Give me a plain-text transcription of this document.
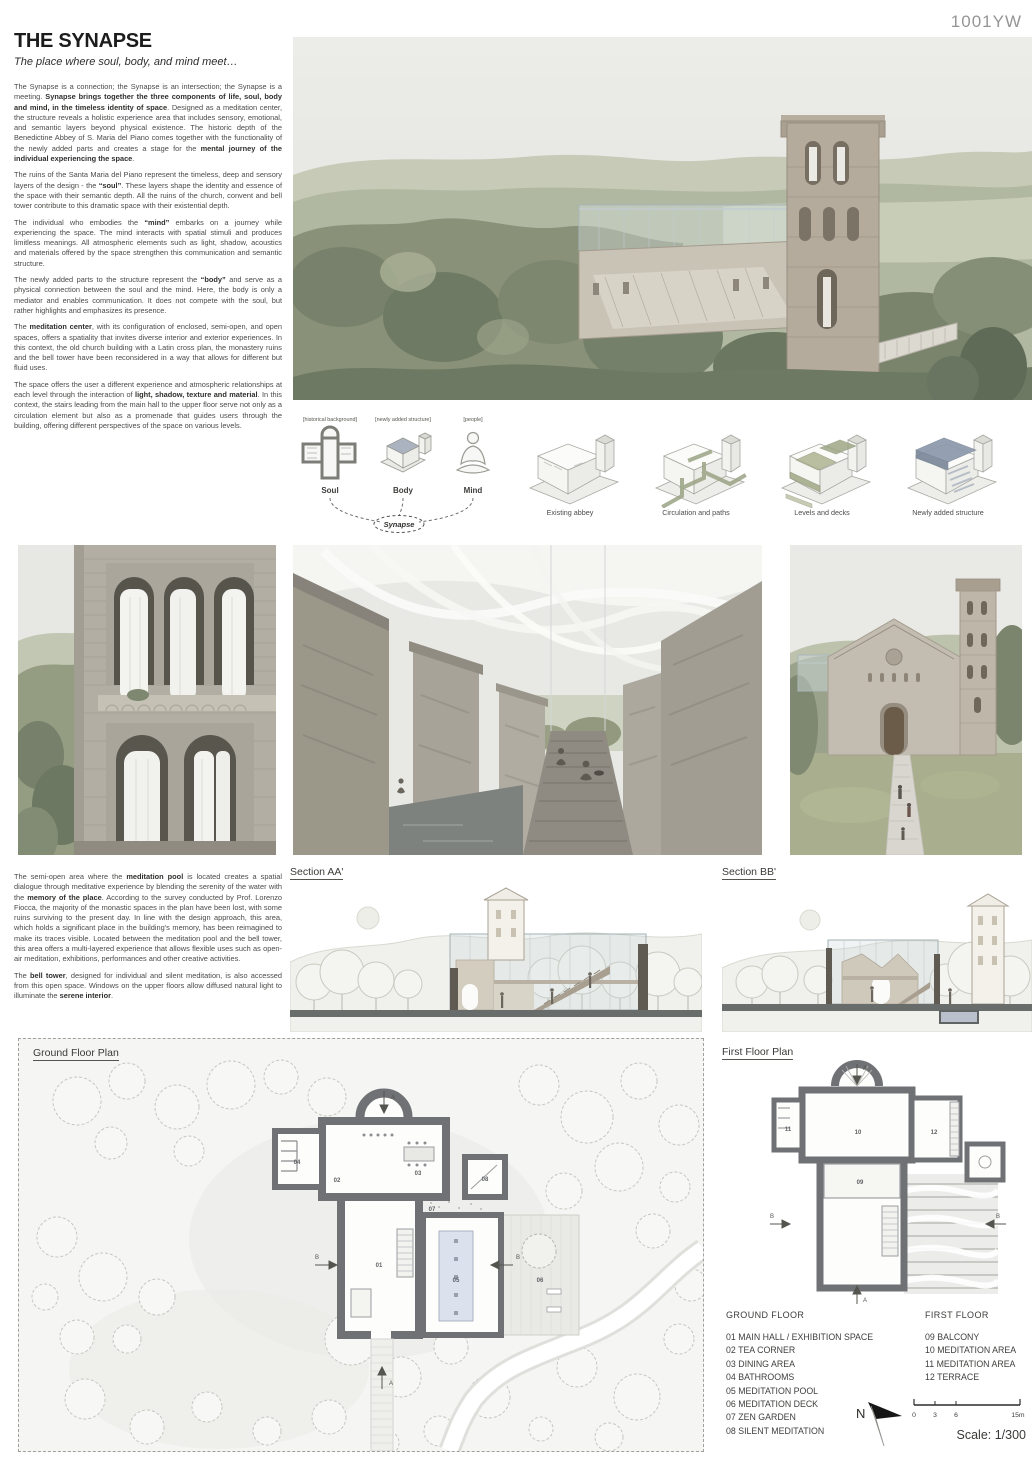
1001YW
THE SYNAPSE
The place where soul, body, and mind meet…

The Synapse is a connection; the Synapse is an intersection; the Synapse is a meeting. Synapse brings together the three components of life, soul, body and mind, in the timeless identity of space. Designed as a meditation center, the structure reveals a holistic experience area that includes sensory, emotional, and semantic layers beyond physical existence. The historic depth of the Benedictine Abbey of S. Maria del Piano comes together with the functionality of the newly added parts and creates a stage for the mental journey of the individual experiencing the space.

The ruins of the Santa Maria del Piano represent the timeless, deep and sensory layers of the design - the “soul”. These layers shape the identity and essence of the space with their semantic depth. All the ruins of the church, convent and bell tower contribute to this dramatic space with their existential depth.

The individual who embodies the “mind” embarks on a journey while experiencing the space. The mind interacts with spatial stimuli and produces limitless meanings. All atmospheric elements such as light, shadow, acoustics and materials offered by the space strengthen this communication and semantic structure.

The newly added parts to the structure represent the “body” and serve as a physical connection between the soul and the mind. Here, the body is only a mediator and enables communication. It does not compete with the soul, but rather highlights and emphasizes its presence.

The meditation center, with its configuration of enclosed, semi-open, and open spaces, offers a spatiality that invites diverse interior and exterior experiences. In this context, the old church building with a Latin cross plan, the monastery ruins and the bell tower have been reconsidered in a way that allows for different but fluid uses.

The space offers the user a different experience and atmospheric relationships at each level through the interaction of light, shadow, texture and material. In this context, the stairs leading from the main hall to the upper floor serve not only as a circulation element but also as a promenade that guides users through the building, offering different perspectives of the space on various levels.

[historical background]	[newly added structure]	[people]
Soul	Body	Mind
Synapse
Existing abbey	Circulation and paths	Levels and decks	Newly added structure

The semi-open area where the meditation pool is located creates a spatial dialogue through meditative experience by blending the serenity of the water with the memory of the place. According to the survey conducted by Prof. Lorenzo Fiocca, the majority of the monastic spaces in the plan have been lost, with some ruins surviving to the present day. In line with the design approach, this area, which holds a significant place in the building's memory, has been reimagined to make its traces visible. Located between the meditation pool and the bell tower, this area offers a multi-layered experience that allows flexible uses such as open-air meditation, exhibitions, performances and other creative activities.

The bell tower, designed for individual and silent meditation, is also accessed from this open space. Windows on the upper floors allow diffused natural light to illuminate the serene interior.

Section AA'	Section BB'
Ground Floor Plan
01
02
03
04
05	06
07
08
A
A
B	B
First Floor Plan
09
10
11	12
A
A
B	B
GROUND FLOOR
01 MAIN HALL / EXHIBITION SPACE
02 TEA CORNER
03 DINING AREA
04 BATHROOMS
05 MEDITATION POOL
06 MEDITATION DECK
07 ZEN GARDEN
08 SILENT MEDITATION
FIRST FLOOR
09 BALCONY
10 MEDITATION AREA
11 MEDITATION AREA
12 TERRACE
N	0	3	6	15m
Scale: 1/300
